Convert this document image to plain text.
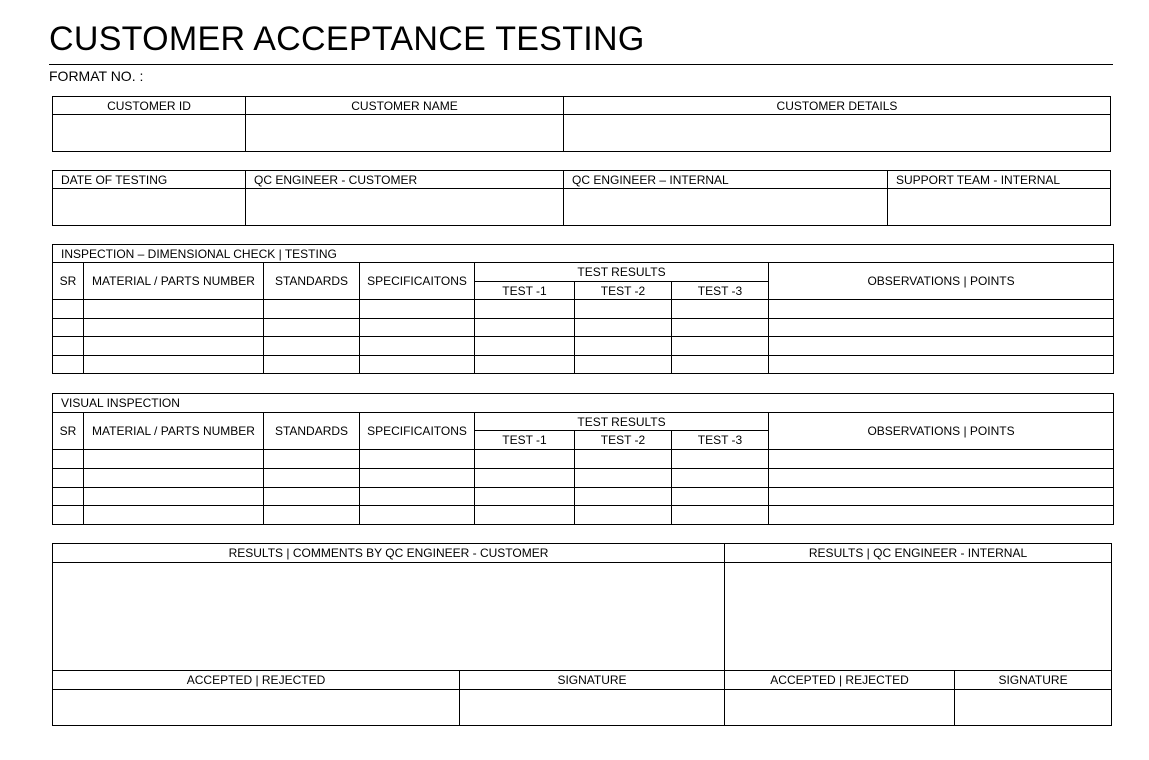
CUSTOMER ACCEPTANCE TESTING
FORMAT NO. :
CUSTOMER ID	CUSTOMER NAME	CUSTOMER DETAILS

DATE OF TESTING	QC ENGINEER - CUSTOMER	QC ENGINEER – INTERNAL	SUPPORT TEAM - INTERNAL

INSPECTION – DIMENSIONAL CHECK | TESTING							
SR	MATERIAL / PARTS NUMBER	STANDARDS	SPECIFICAITONS	TEST RESULTS			OBSERVATIONS | POINTS
				TEST -1	TEST -2	TEST -3	

VISUAL INSPECTION							
SR	MATERIAL / PARTS NUMBER	STANDARDS	SPECIFICAITONS	TEST RESULTS			OBSERVATIONS | POINTS
				TEST -1	TEST -2	TEST -3	

RESULTS | COMMENTS BY QC ENGINEER - CUSTOMER		RESULTS | QC ENGINEER - INTERNAL	

ACCEPTED | REJECTED	SIGNATURE	ACCEPTED | REJECTED	SIGNATURE
